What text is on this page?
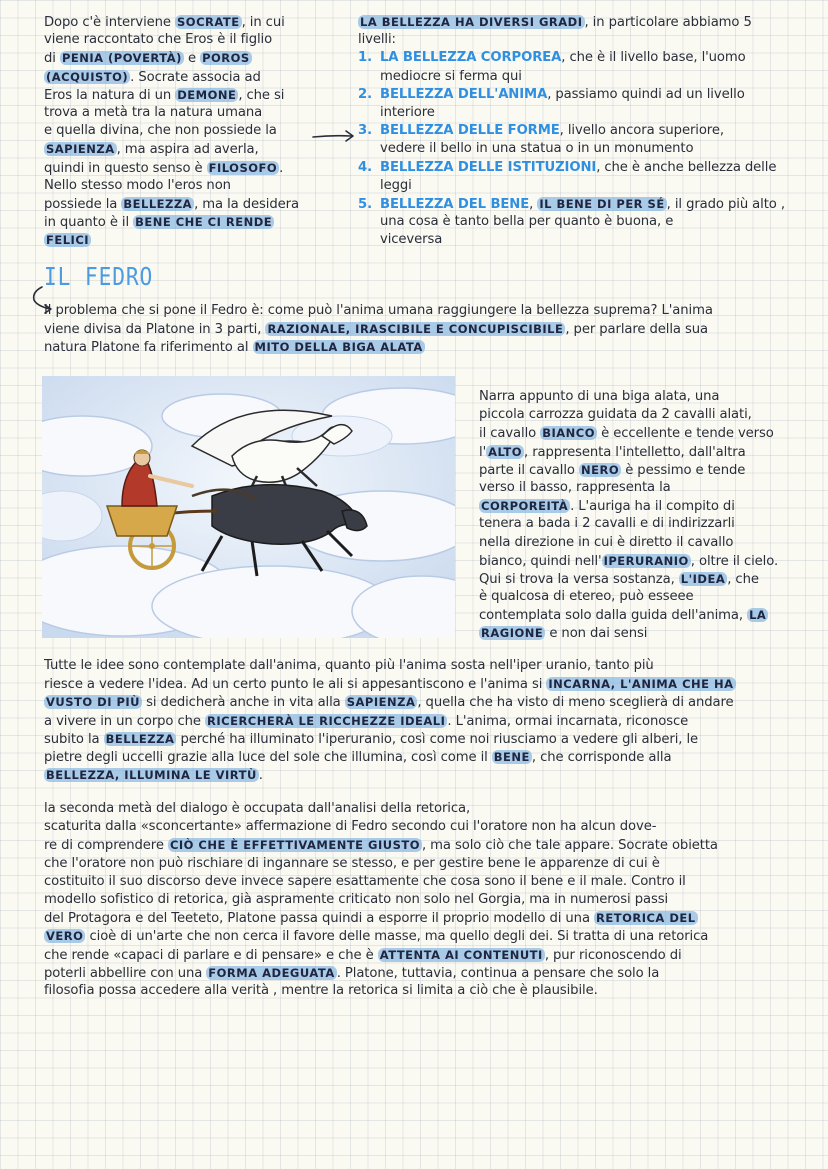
Dopo c'è interviene SOCRATE , in cui
viene raccontato che Eros è il figlio
di PENIA (POVERTÀ) e POROS
(ACQUISTO) . Socrate associa ad
Eros la natura di un DEMONE , che si
trova a metà tra la natura umana
e quella divina, che non possiede la
SAPIENZA , ma aspira ad averla,
quindi in questo senso è FILOSOFO .
Nello stesso modo l'eros non
possiede la BELLEZZA , ma la desidera
in quanto è il BENE CHE CI RENDE
FELICI
LA BELLEZZA HA DIVERSI GRADI , in particolare abbiamo 5
livelli:
1. LA BELLEZZA CORPOREA, che è il livello base, l'uomo
mediocre si ferma qui
2. BELLEZZA DELL'ANIMA, passiamo quindi ad un livello
interiore
3. BELLEZZA DELLE FORME, livello ancora superiore,
vedere il bello in una statua o in un monumento
4. BELLEZZA DELLE ISTITUZIONI, che è anche bellezza delle
leggi
5. BELLEZZA DEL BENE, IL BENE DI PER SÉ , il grado più alto ,
una cosa è tanto bella per quanto è buona, e
viceversa
IL FEDRO
Il problema che si pone il Fedro è: come può l'anima umana raggiungere la bellezza suprema? L'anima
viene divisa da Platone in 3 parti, RAZIONALE, IRASCIBILE E CONCUPISCIBILE , per parlare della sua
natura Platone fa riferimento al MITO DELLA BIGA ALATA
Narra appunto di una biga alata, una
piccola carrozza guidata da 2 cavalli alati,
il cavallo BIANCO è eccellente e tende verso
l' ALTO , rappresenta l'intelletto, dall'altra
parte il cavallo NERO è pessimo e tende
verso il basso, rappresenta la
CORPOREITÀ . L'auriga ha il compito di
tenera a bada i 2 cavalli e di indirizzarli
nella direzione in cui è diretto il cavallo
bianco, quindi nell' IPERURANIO , oltre il cielo.
Qui si trova la versa sostanza, L'IDEA , che
è qualcosa di etereo, può esseee
contemplata solo dalla guida dell'anima, LA
RAGIONE e non dai sensi
Tutte le idee sono contemplate dall'anima, quanto più l'anima sosta nell'iper uranio, tanto più
riesce a vedere l'idea. Ad un certo punto le ali si appesantiscono e l'anima si INCARNA, L'ANIMA CHE HA
VUSTO DI PIÙ si dedicherà anche in vita alla SAPIENZA , quella che ha visto di meno sceglierà di andare
a vivere in un corpo che RICERCHERÀ LE RICCHEZZE IDEALI . L'anima, ormai incarnata, riconosce
subito la BELLEZZA perché ha illuminato l'iperuranio, così come noi riusciamo a vedere gli alberi, le
pietre degli uccelli grazie alla luce del sole che illumina, così come il BENE , che corrisponde alla
BELLEZZA, ILLUMINA LE VIRTÙ .
la seconda metà del dialogo è occupata dall'analisi della retorica,
scaturita dalla «sconcertante» affermazione di Fedro secondo cui l'oratore non ha alcun dove-
re di comprendere CIÒ CHE È EFFETTIVAMENTE GIUSTO , ma solo ciò che tale appare. Socrate obietta
che l'oratore non può rischiare di ingannare se stesso, e per gestire bene le apparenze di cui è
costituito il suo discorso deve invece sapere esattamente che cosa sono il bene e il male. Contro il
modello sofistico di retorica, già aspramente criticato non solo nel Gorgia, ma in numerosi passi
del Protagora e del Teeteto, Platone passa quindi a esporre il proprio modello di una RETORICA DEL
VERO cioè di un'arte che non cerca il favore delle masse, ma quello degli dei. Si tratta di una retorica
che rende «capaci di parlare e di pensare» e che è ATTENTA AI CONTENUTI , pur riconoscendo di
poterli abbellire con una FORMA ADEGUATA . Platone, tuttavia, continua a pensare che solo la
filosofia possa accedere alla verità , mentre la retorica si limita a ciò che è plausibile.
